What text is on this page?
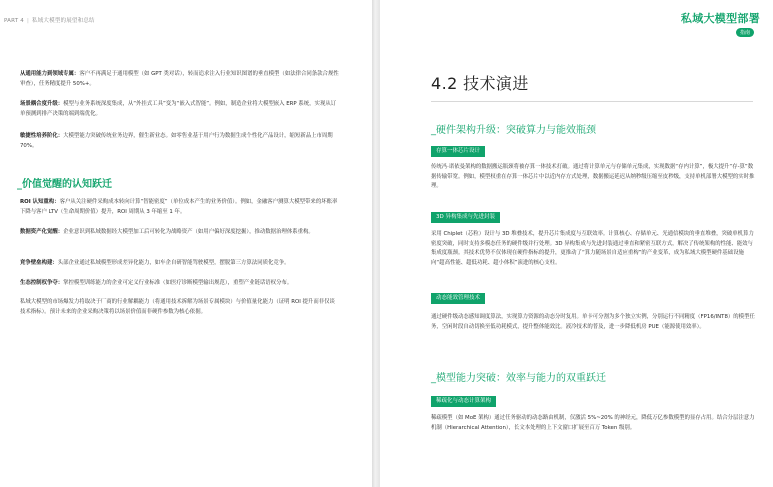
PART 4 | 私域大模型的展望和总结

从通用能力到领域专属：客户不再满足于通用模型（如 GPT 类对话），转而追求注入行业知识图谱的垂直模型（如法律合同条款合规性审查），任务精度提升 50%+。

场景耦合度升级：模型与业务系统深度集成，从“外挂式工具”变为“嵌入式智能”。例如，制造企业将大模型嵌入 ERP 系统，实现从订单预测到排产决策的端到端优化。

敏捷性培养阶化：大模型能力突破传统业务边界，催生新业态。如零售业基于用户行为数据生成个性化产品设计，缩短新品上市周期 70%。

_价值觉醒的认知跃迁

ROI 认知重构：客户从关注硬件采购成本转向计算“智能密度”（单位成本产生的业务价值）。例如，金融客户测算大模型带来的坏账率下降与客户 LTV（生命周期价值）提升，ROI 周期从 3 年缩至 1 年。

数据资产化觉醒：企业意识到私域数据经大模型加工后可转化为战略资产（如用户偏好深度挖掘），推动数据治理体系重构。

竞争壁垒构建：头部企业通过私域模型形成差异化能力，如车企自研智能驾驶模型，摆脱第三方算法同质化竞争。

生态控制权争夺：掌控模型训练能力的企业可定义行业标准（如医疗诊断模型输出规范），重塑产业链话语权分布。

私域大模型的市场爆发力将取决于厂商的行业解耦能力（将通用技术拆解为场景专属模块）与价值量化能力（证明 ROI 提升而非仅谈技术指标）。预计未来的企业采购决策将以场景价值而非硬件参数为核心依据。

私域大模型部署
指南
4.2 技术演进
_硬件架构升级：突破算力与能效瓶颈
存算一体芯片设计

传统冯·诺依曼架构的数据搬运瓶颈将被存算一体技术打破。通过将计算单元与存储单元集成，实现数据“存内计算”，极大提升“存-算”数据传输带宽。例如，模型权重在存算一体芯片中以近内存方式处理，数据搬运延迟从纳秒级压缩至皮秒级，支持单机部署大模型的实时推理。

3D 异构集成与先进封装

采用 Chiplet（芯粒）设计与 3D 堆叠技术，提升芯片集成度与互联效率。计算核心、存储单元、光通信模块的垂直堆叠，突破单机算力密度突破，同时支持多模态任务的硬件级并行处理。3D 异构集成与先进封装通过垂直和紧密互联方式，解决了传统架构的性能、能效与集成度瓶颈。其技术优势不仅体现在硬件指标的提升，更推动了“算力随场景自适应重构”的产业变革，成为私域大模型硬件基础设施向“超高性能、超低功耗、超小体积”演进的核心支柱。

动态能效管理技术

通过硬件级动态感知调度算法，实现算力资源的动态分时复用。单卡可分割为多个独立实例，分别运行不同精度（FP16/INT8）的模型任务，空闲时段自动切换至低功耗模式，提升整体能效比。液冷技术的普及，进一步降低机房 PUE（能源使用效率）。

_模型能力突破：效率与能力的双重跃迁
稀疏化与动态计算架构

稀疏模型（如 MoE 架构）通过任务驱动的动态路由机制，仅激活 5%~20% 的神经元，降低万亿参数模型的显存占用。结合分层注意力机制（Hierarchical Attention），长文本处理的上下文窗口扩展至百万 Token 级别。
